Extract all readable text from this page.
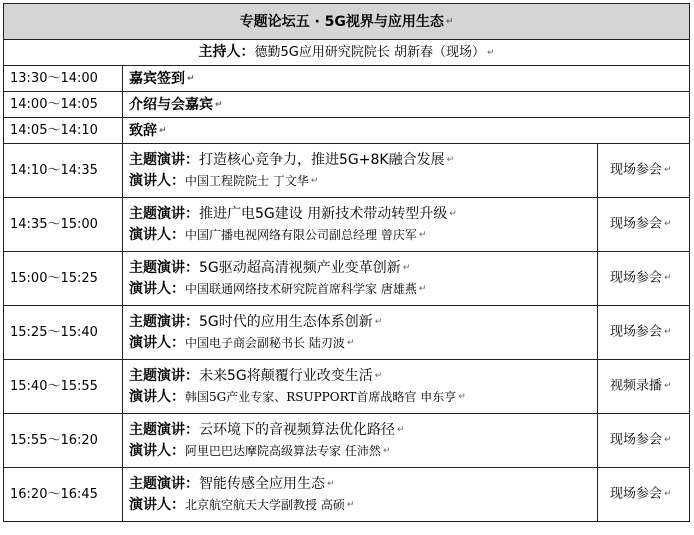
专题论坛五 · 5G视界与应用生态 ↵		
主持人：德勤5G应用研究院院长 胡新春（现场） ↵		
13:30～14:00	嘉宾签到 ↵	
14:00～14:05	介绍与会嘉宾 ↵	
14:05～14:10	致辞 ↵	
14:10～14:35	主题演讲：打造核心竞争力，推进5G+8K融合发展 ↵
演讲人：中国工程院院士 丁文华 ↵	现场参会 ↵
14:35～15:00	主题演讲：推进广电5G建设 用新技术带动转型升级 ↵
演讲人：中国广播电视网络有限公司副总经理 曾庆军 ↵	现场参会 ↵
15:00～15:25	主题演讲：5G驱动超高清视频产业变革创新 ↵
演讲人：中国联通网络技术研究院首席科学家 唐雄燕 ↵	现场参会 ↵
15:25～15:40	主题演讲：5G时代的应用生态体系创新 ↵
演讲人：中国电子商会副秘书长 陆刃波 ↵	现场参会 ↵
15:40～15:55	主题演讲：未来5G将颠覆行业改变生活 ↵
演讲人：韩国5G产业专家、RSUPPORT首席战略官 申东亨 ↵	视频录播 ↵
15:55～16:20	主题演讲：云环境下的音视频算法优化路径 ↵
演讲人：阿里巴巴达摩院高级算法专家 任沛然 ↵	现场参会 ↵
16:20～16:45	主题演讲：智能传感全应用生态 ↵
演讲人：北京航空航天大学副教授 高硕 ↵	现场参会 ↵
